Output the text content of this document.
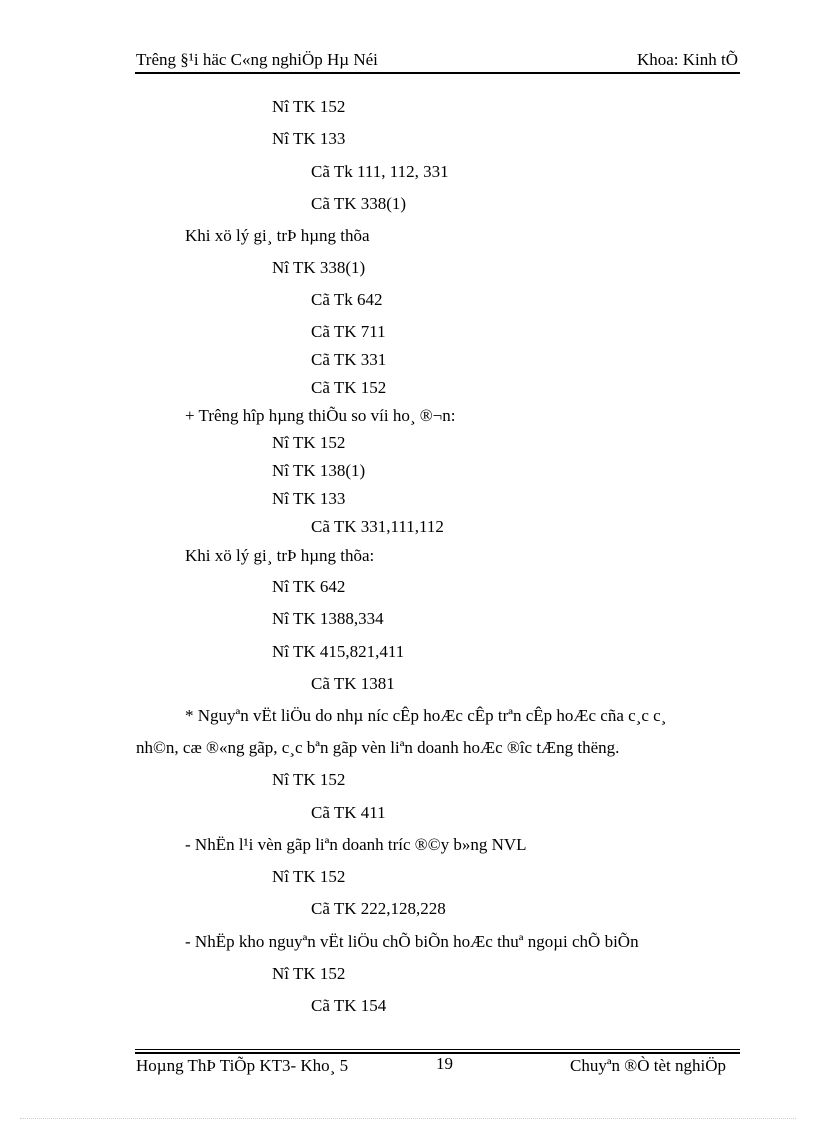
Trêng §¹i häc C«ng nghiÖp Hµ Néi	Khoa: Kinh tÕ
Nî TK 152
Nî TK 133
Cã Tk 111, 112, 331
Cã TK 338(1)
Khi xö lý gi¸ trÞ hµng thõa
Nî TK 338(1)
Cã Tk 642
Cã TK 711
Cã TK 331
Cã TK 152
+ Trêng hîp hµng thiÕu so víi ho¸ ®¬n:
Nî TK 152
Nî TK 138(1)
Nî TK 133
Cã TK 331,111,112
Khi xö lý gi¸ trÞ hµng thõa:
Nî TK 642
Nî TK 1388,334
Nî TK 415,821,411
Cã TK 1381
* Nguyªn vËt liÖu do nhµ níc cÊp hoÆc cÊp trªn cÊp hoÆc cña c¸c c¸
nh©n, cæ ®«ng gãp, c¸c bªn gãp vèn liªn doanh hoÆc ®îc tÆng thëng.
Nî TK 152
Cã TK 411
- NhËn l¹i vèn gãp liªn doanh tríc ®©y b»ng NVL
Nî TK 152
Cã TK 222,128,228
- NhËp kho nguyªn vËt liÖu chÕ biÕn hoÆc thuª ngoµi chÕ biÕn
Nî TK 152
Cã TK 154
Hoµng ThÞ TiÕp KT3- Kho¸ 5	19	Chuyªn ®Ò tèt nghiÖp
